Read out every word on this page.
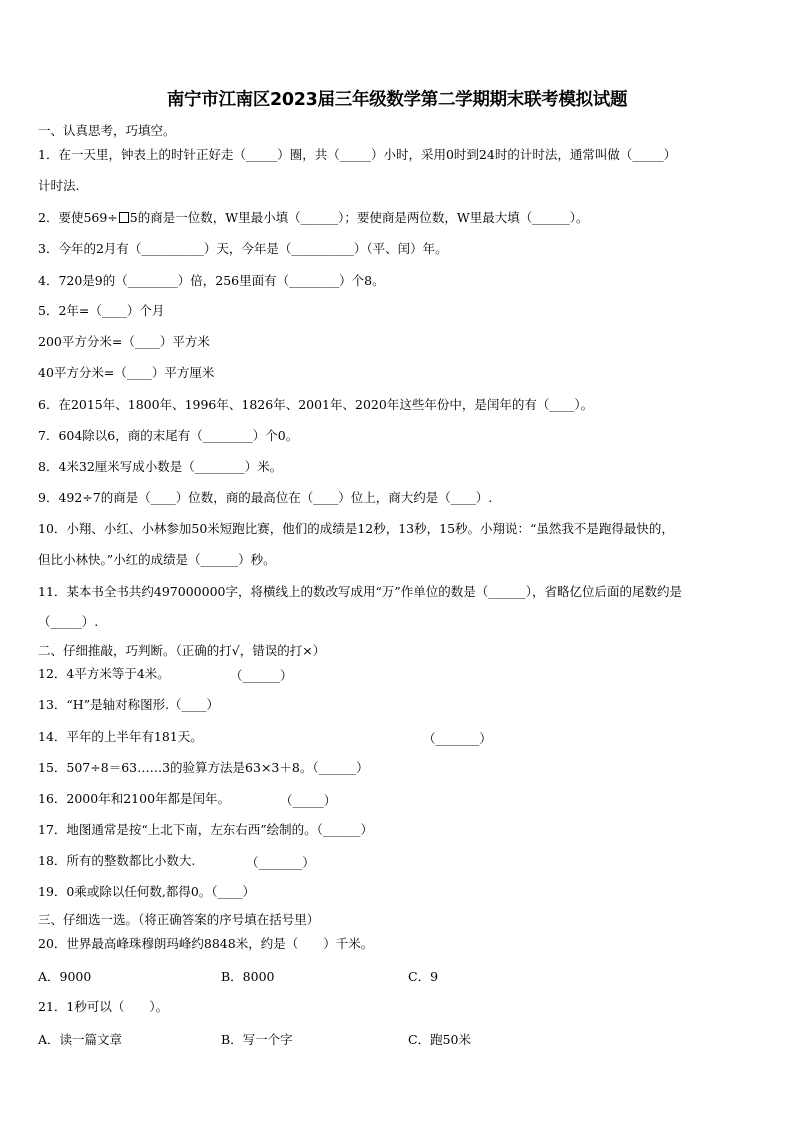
南宁市江南区2023届三年级数学第二学期期末联考模拟试题
一、认真思考，巧填空。
1．在一天里，钟表上的时针正好走（_____）圈，共（_____）小时，采用0时到24时的计时法，通常叫做（_____）
计时法.
2．要使569÷ 5的商是一位数，W里最小填（______）；要使商是两位数，W里最大填（______）。
3．今年的2月有（__________）天，今年是（__________）（平、闰）年。
4．720是9的（________）倍，256里面有（________）个8。
5．2年=（____）个月
200平方分米=（____）平方米
40平方分米=（____）平方厘米
6．在2015年、1800年、1996年、1826年、2001年、2020年这些年份中，是闰年的有（____）。
7．604除以6，商的末尾有（________）个0。
8．4米32厘米写成小数是（________）米。
9．492÷7的商是（____）位数，商的最高位在（____）位上，商大约是（____）.
10．小翔、小红、小林参加50米短跑比赛，他们的成绩是12秒，13秒，15秒。小翔说：“虽然我不是跑得最快的，
但比小林快。”小红的成绩是（______）秒。
11．某本书全书共约497000000字，将横线上的数改写成用“万”作单位的数是（______），省略亿位后面的尾数约是
（_____）.
二、仔细推敲，巧判断。（正确的打√，错误的打×）
12．4平方米等于4米。	（______）
13．“H”是轴对称图形.（____）
14．平年的上半年有181天。	（_______）
15．507÷8＝63……3的验算方法是63×3＋8。（______）
16．2000年和2100年都是闰年。	（_____）
17．地图通常是按“上北下南，左东右西”绘制的。（______）
18．所有的整数都比小数大.	（_______）
19．0乘或除以任何数,都得0。（____）
三、仔细选一选。（将正确答案的序号填在括号里）
20．世界最高峰珠穆朗玛峰约8848米，约是（　　）千米。
A．9000	B．8000	C．9
21．1秒可以（　　）。
A．读一篇文章	B．写一个字	C．跑50米
